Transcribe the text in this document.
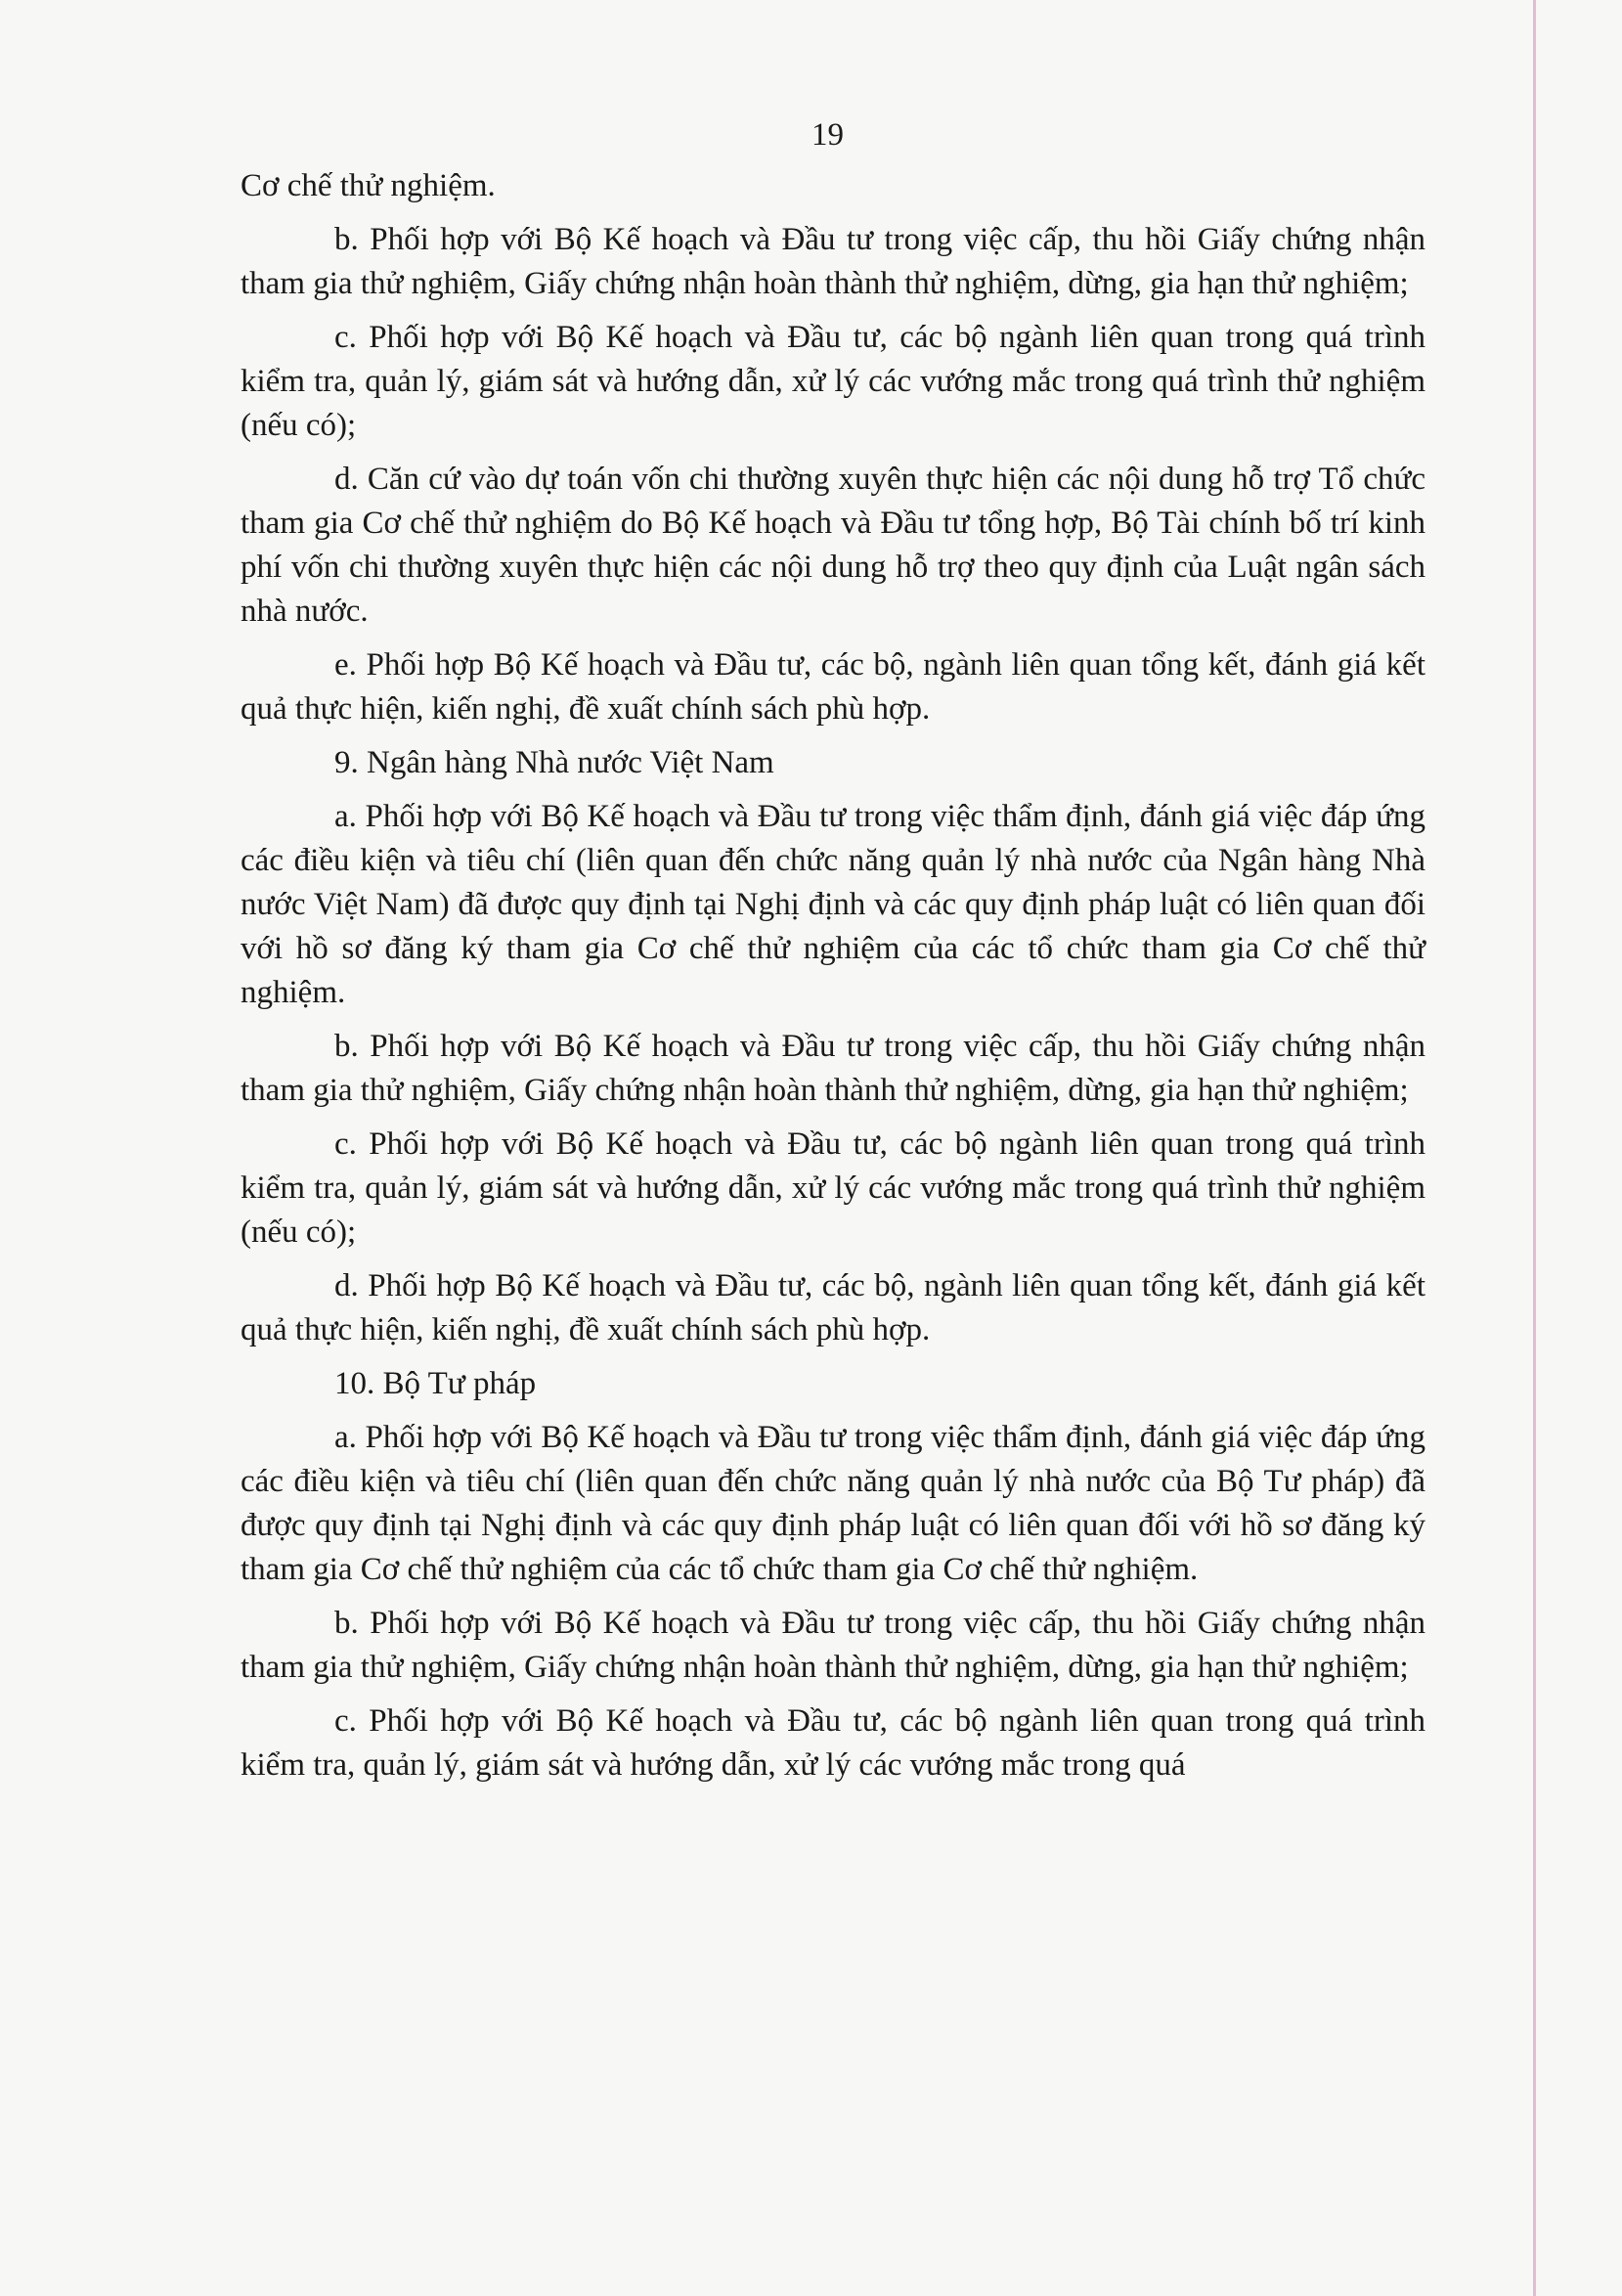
19

Cơ chế thử nghiệm.

b. Phối hợp với Bộ Kế hoạch và Đầu tư trong việc cấp, thu hồi Giấy chứng nhận tham gia thử nghiệm, Giấy chứng nhận hoàn thành thử nghiệm, dừng, gia hạn thử nghiệm;

c. Phối hợp với Bộ Kế hoạch và Đầu tư, các bộ ngành liên quan trong quá trình kiểm tra, quản lý, giám sát và hướng dẫn, xử lý các vướng mắc trong quá trình thử nghiệm (nếu có);

d. Căn cứ vào dự toán vốn chi thường xuyên thực hiện các nội dung hỗ trợ Tổ chức tham gia Cơ chế thử nghiệm do Bộ Kế hoạch và Đầu tư tổng hợp, Bộ Tài chính bố trí kinh phí vốn chi thường xuyên thực hiện các nội dung hỗ trợ theo quy định của Luật ngân sách nhà nước.

e. Phối hợp Bộ Kế hoạch và Đầu tư, các bộ, ngành liên quan tổng kết, đánh giá kết quả thực hiện, kiến nghị, đề xuất chính sách phù hợp.

9. Ngân hàng Nhà nước Việt Nam

a. Phối hợp với Bộ Kế hoạch và Đầu tư trong việc thẩm định, đánh giá việc đáp ứng các điều kiện và tiêu chí (liên quan đến chức năng quản lý nhà nước của Ngân hàng Nhà nước Việt Nam) đã được quy định tại Nghị định và các quy định pháp luật có liên quan đối với hồ sơ đăng ký tham gia Cơ chế thử nghiệm của các tổ chức tham gia Cơ chế thử nghiệm.

b. Phối hợp với Bộ Kế hoạch và Đầu tư trong việc cấp, thu hồi Giấy chứng nhận tham gia thử nghiệm, Giấy chứng nhận hoàn thành thử nghiệm, dừng, gia hạn thử nghiệm;

c. Phối hợp với Bộ Kế hoạch và Đầu tư, các bộ ngành liên quan trong quá trình kiểm tra, quản lý, giám sát và hướng dẫn, xử lý các vướng mắc trong quá trình thử nghiệm (nếu có);

d. Phối hợp Bộ Kế hoạch và Đầu tư, các bộ, ngành liên quan tổng kết, đánh giá kết quả thực hiện, kiến nghị, đề xuất chính sách phù hợp.

10. Bộ Tư pháp

a. Phối hợp với Bộ Kế hoạch và Đầu tư trong việc thẩm định, đánh giá việc đáp ứng các điều kiện và tiêu chí (liên quan đến chức năng quản lý nhà nước của Bộ Tư pháp) đã được quy định tại Nghị định và các quy định pháp luật có liên quan đối với hồ sơ đăng ký tham gia Cơ chế thử nghiệm của các tổ chức tham gia Cơ chế thử nghiệm.

b. Phối hợp với Bộ Kế hoạch và Đầu tư trong việc cấp, thu hồi Giấy chứng nhận tham gia thử nghiệm, Giấy chứng nhận hoàn thành thử nghiệm, dừng, gia hạn thử nghiệm;

c. Phối hợp với Bộ Kế hoạch và Đầu tư, các bộ ngành liên quan trong quá trình kiểm tra, quản lý, giám sát và hướng dẫn, xử lý các vướng mắc trong quá
